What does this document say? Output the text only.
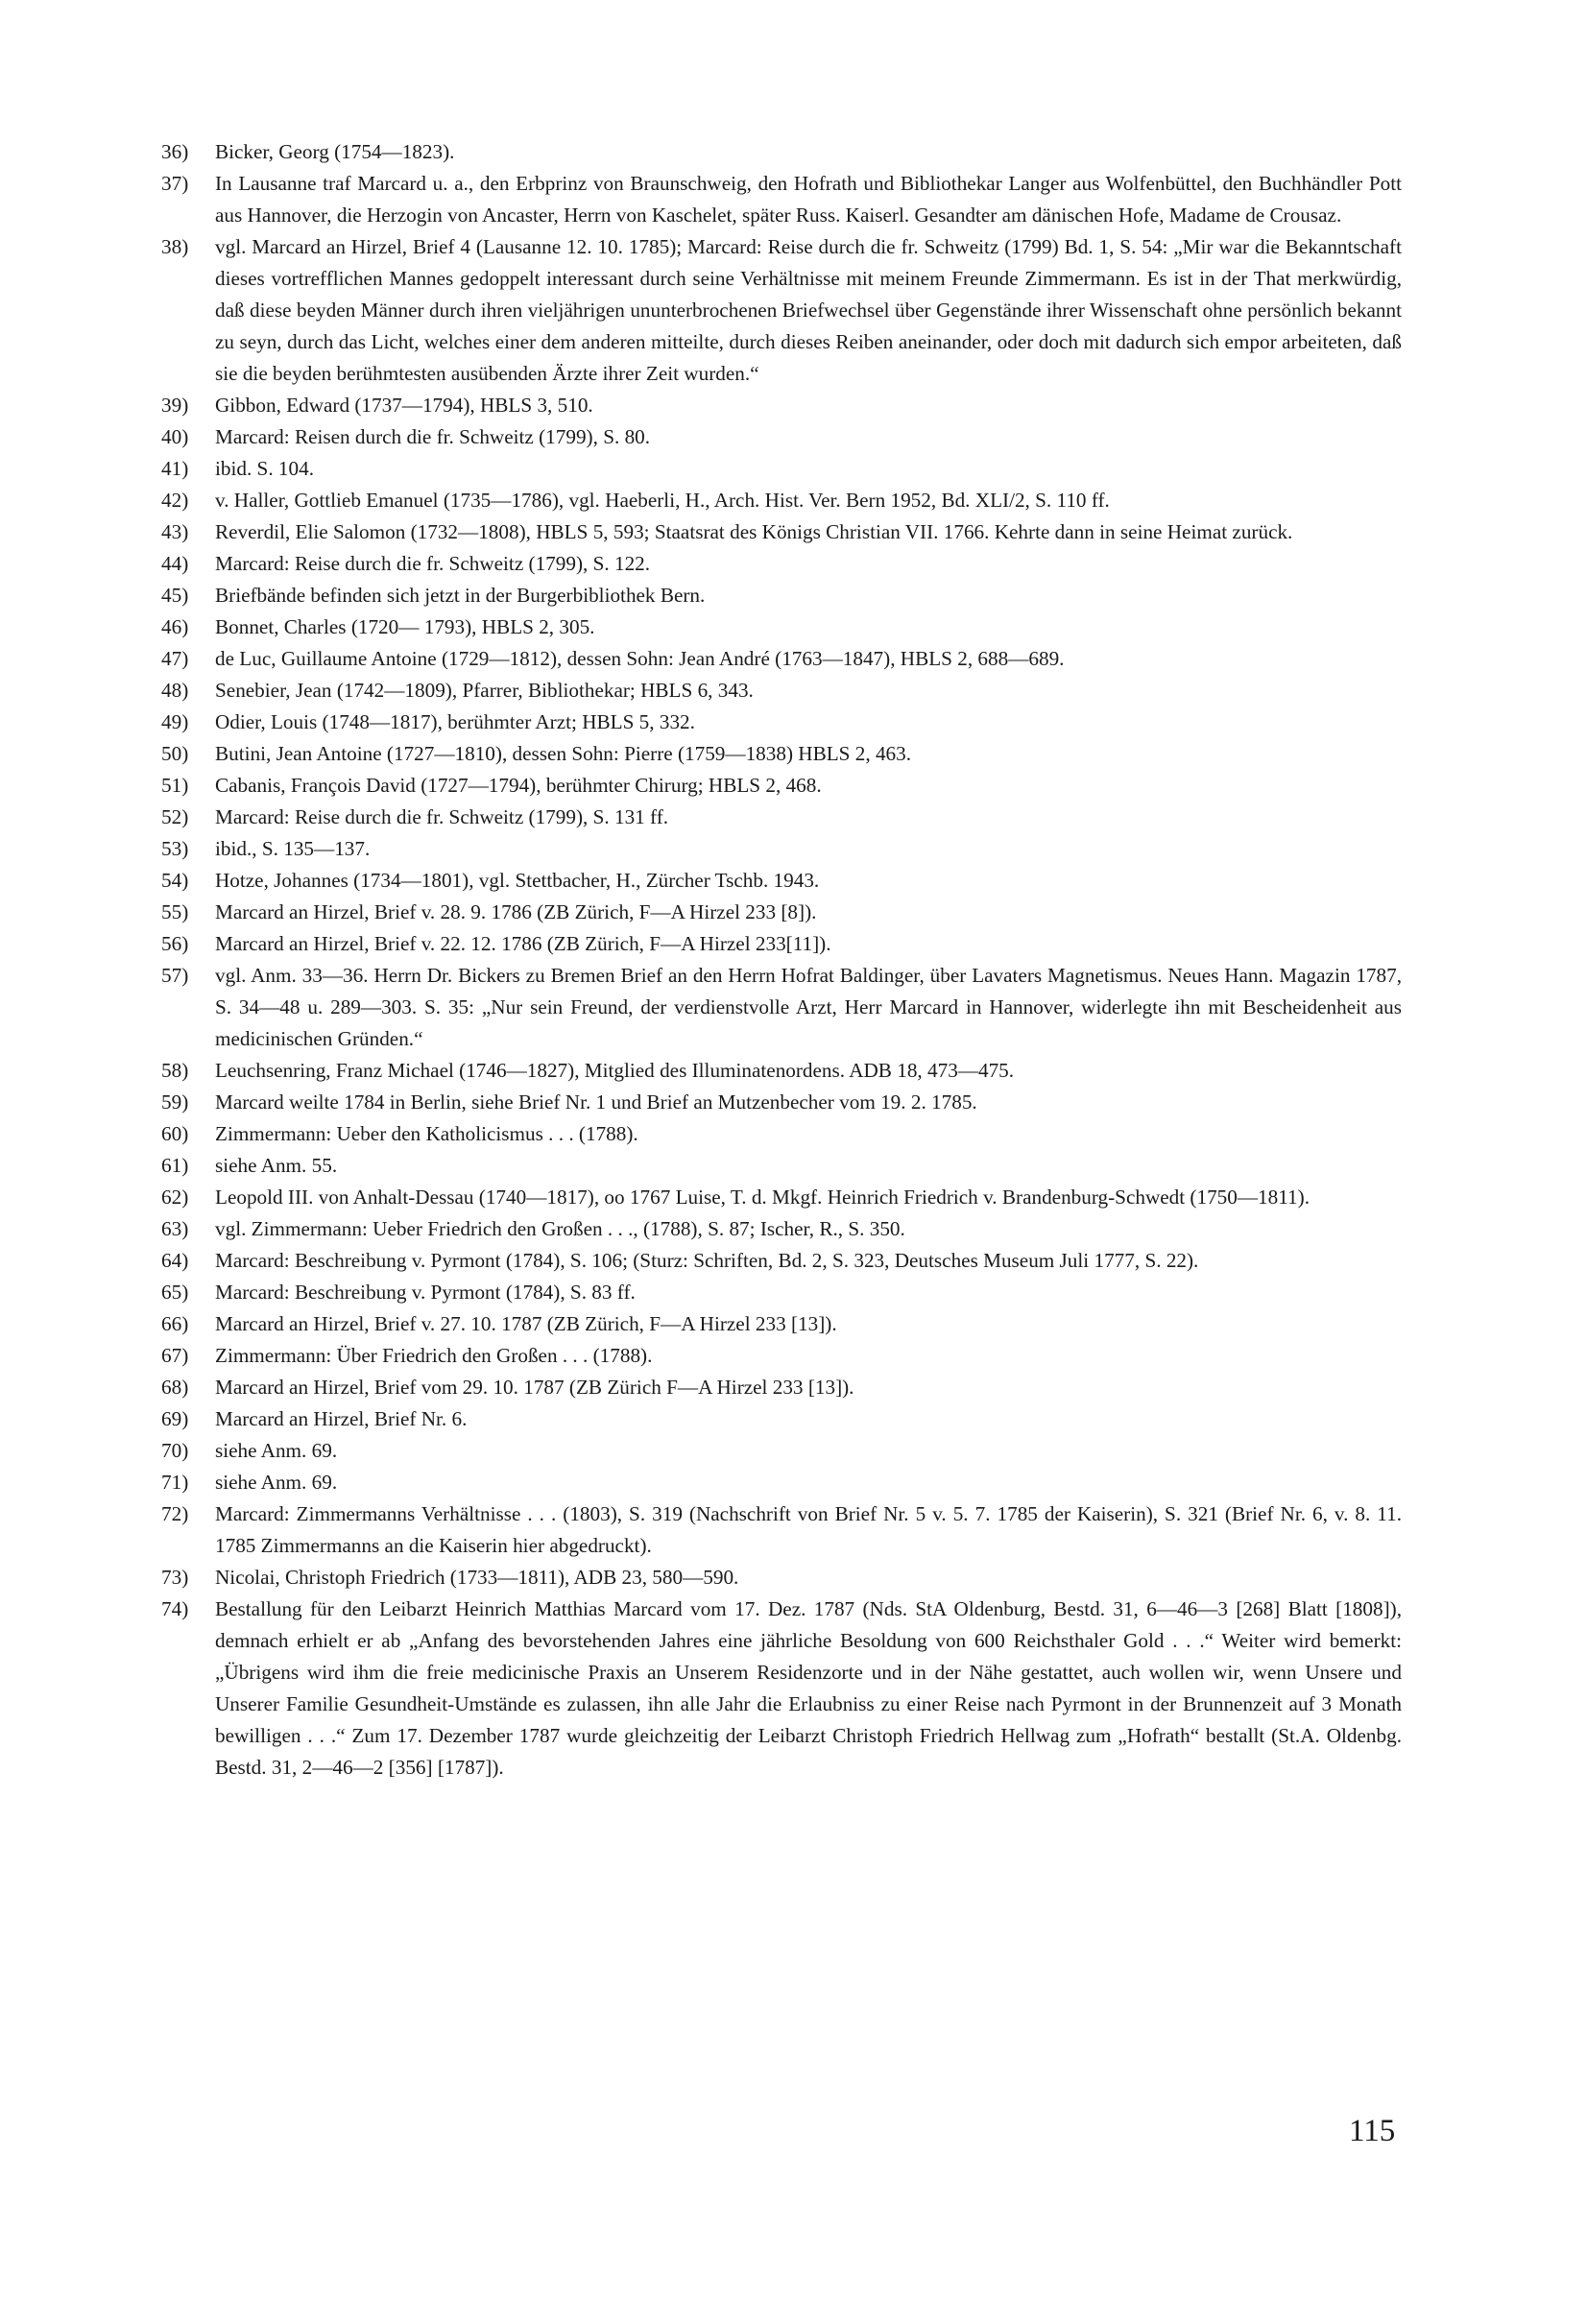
36)	Bicker, Georg (1754—1823).
37)	In Lausanne traf Marcard u. a., den Erbprinz von Braunschweig, den Hofrath und Bibliothekar Langer aus Wolfenbüttel, den Buchhändler Pott aus Hannover, die Herzogin von Ancaster, Herrn von Kaschelet, später Russ. Kaiserl. Gesandter am dänischen Hofe, Madame de Crousaz.
38)	vgl. Marcard an Hirzel, Brief 4 (Lausanne 12. 10. 1785); Marcard: Reise durch die fr. Schweitz (1799) Bd. 1, S. 54: „Mir war die Bekanntschaft dieses vortrefflichen Mannes gedoppelt interessant durch seine Verhältnisse mit meinem Freunde Zimmermann. Es ist in der That merkwürdig, daß diese beyden Männer durch ihren vieljährigen ununterbrochenen Briefwechsel über Gegenstände ihrer Wissenschaft ohne persönlich bekannt zu seyn, durch das Licht, welches einer dem anderen mitteilte, durch dieses Reiben aneinander, oder doch mit dadurch sich empor arbeiteten, daß sie die beyden berühmtesten ausübenden Ärzte ihrer Zeit wurden.“
39)	Gibbon, Edward (1737—1794), HBLS 3, 510.
40)	Marcard: Reisen durch die fr. Schweitz (1799), S. 80.
41)	ibid. S. 104.
42)	v. Haller, Gottlieb Emanuel (1735—1786), vgl. Haeberli, H., Arch. Hist. Ver. Bern 1952, Bd. XLI/2, S. 110 ff.
43)	Reverdil, Elie Salomon (1732—1808), HBLS 5, 593; Staatsrat des Königs Christian VII. 1766. Kehrte dann in seine Heimat zurück.
44)	Marcard: Reise durch die fr. Schweitz (1799), S. 122.
45)	Briefbände befinden sich jetzt in der Burgerbibliothek Bern.
46)	Bonnet, Charles (1720— 1793), HBLS 2, 305.
47)	de Luc, Guillaume Antoine (1729—1812), dessen Sohn: Jean André (1763—1847), HBLS 2, 688—689.
48)	Senebier, Jean (1742—1809), Pfarrer, Bibliothekar; HBLS 6, 343.
49)	Odier, Louis (1748—1817), berühmter Arzt; HBLS 5, 332.
50)	Butini, Jean Antoine (1727—1810), dessen Sohn: Pierre (1759—1838) HBLS 2, 463.
51)	Cabanis, François David (1727—1794), berühmter Chirurg; HBLS 2, 468.
52)	Marcard: Reise durch die fr. Schweitz (1799), S. 131 ff.
53)	ibid., S. 135—137.
54)	Hotze, Johannes (1734—1801), vgl. Stettbacher, H., Zürcher Tschb. 1943.
55)	Marcard an Hirzel, Brief v. 28. 9. 1786 (ZB Zürich, F—A Hirzel 233 [8]).
56)	Marcard an Hirzel, Brief v. 22. 12. 1786 (ZB Zürich, F—A Hirzel 233[11]).
57)	vgl. Anm. 33—36. Herrn Dr. Bickers zu Bremen Brief an den Herrn Hofrat Baldinger, über Lavaters Magnetismus. Neues Hann. Magazin 1787, S. 34—48 u. 289—303. S. 35: „Nur sein Freund, der verdienstvolle Arzt, Herr Marcard in Hannover, widerlegte ihn mit Bescheidenheit aus medicinischen Gründen.“
58)	Leuchsenring, Franz Michael (1746—1827), Mitglied des Illuminatenordens. ADB 18, 473—475.
59)	Marcard weilte 1784 in Berlin, siehe Brief Nr. 1 und Brief an Mutzenbecher vom 19. 2. 1785.
60)	Zimmermann: Ueber den Katholicismus . . . (1788).
61)	siehe Anm. 55.
62)	Leopold III. von Anhalt-Dessau (1740—1817), oo 1767 Luise, T. d. Mkgf. Heinrich Friedrich v. Brandenburg-Schwedt (1750—1811).
63)	vgl. Zimmermann: Ueber Friedrich den Großen . . ., (1788), S. 87; Ischer, R., S. 350.
64)	Marcard: Beschreibung v. Pyrmont (1784), S. 106; (Sturz: Schriften, Bd. 2, S. 323, Deutsches Museum Juli 1777, S. 22).
65)	Marcard: Beschreibung v. Pyrmont (1784), S. 83 ff.
66)	Marcard an Hirzel, Brief v. 27. 10. 1787 (ZB Zürich, F—A Hirzel 233 [13]).
67)	Zimmermann: Über Friedrich den Großen . . . (1788).
68)	Marcard an Hirzel, Brief vom 29. 10. 1787 (ZB Zürich F—A Hirzel 233 [13]).
69)	Marcard an Hirzel, Brief Nr. 6.
70)	siehe Anm. 69.
71)	siehe Anm. 69.
72)	Marcard: Zimmermanns Verhältnisse . . . (1803), S. 319 (Nachschrift von Brief Nr. 5 v. 5. 7. 1785 der Kaiserin), S. 321 (Brief Nr. 6, v. 8. 11. 1785 Zimmermanns an die Kaiserin hier abgedruckt).
73)	Nicolai, Christoph Friedrich (1733—1811), ADB 23, 580—590.
74)	Bestallung für den Leibarzt Heinrich Matthias Marcard vom 17. Dez. 1787 (Nds. StA Oldenburg, Bestd. 31, 6—46—3 [268] Blatt [1808]), demnach erhielt er ab „Anfang des bevorstehenden Jahres eine jährliche Besoldung von 600 Reichsthaler Gold . . .“ Weiter wird bemerkt: „Übrigens wird ihm die freie medicinische Praxis an Unserem Residenzorte und in der Nähe gestattet, auch wollen wir, wenn Unsere und Unserer Familie Gesundheit-Umstände es zulassen, ihn alle Jahr die Erlaubniss zu einer Reise nach Pyrmont in der Brunnenzeit auf 3 Monath bewilligen . . .“ Zum 17. Dezember 1787 wurde gleichzeitig der Leibarzt Christoph Friedrich Hellwag zum „Hofrath“ bestallt (St.A. Oldenbg. Bestd. 31, 2—46—2 [356] [1787]).
115
